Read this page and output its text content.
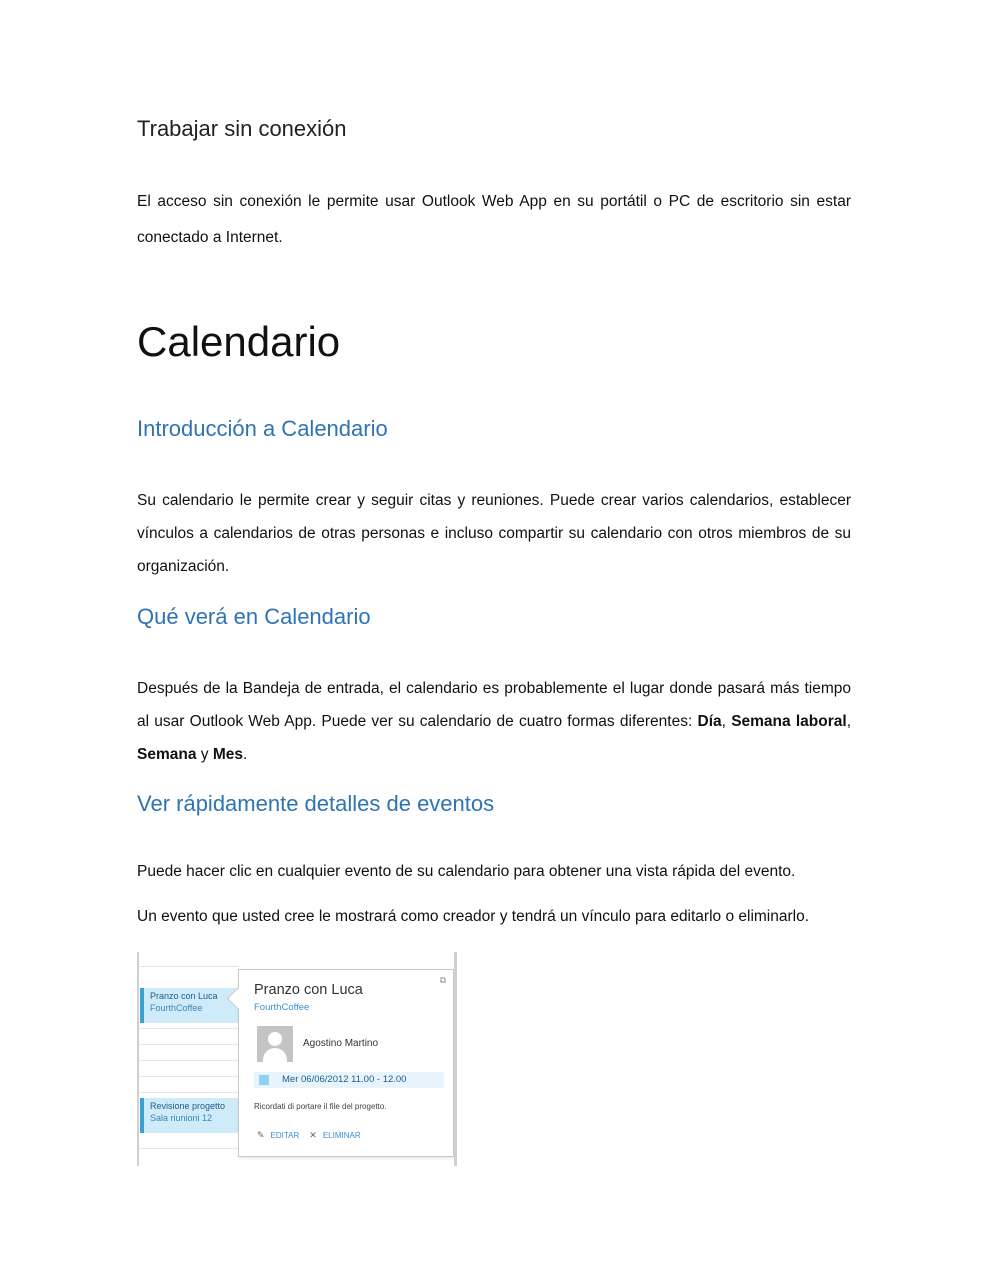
Trabajar sin conexión

El acceso sin conexión le permite usar Outlook Web App en su portátil o PC de escritorio sin estar conectado a Internet.

Calendario
Introducción a Calendario

Su calendario le permite crear y seguir citas y reuniones. Puede crear varios calendarios, establecer vínculos a calendarios de otras personas e incluso compartir su calendario con otros miembros de su organización.

Qué verá en Calendario

Después de la Bandeja de entrada, el calendario es probablemente el lugar donde pasará más tiempo al usar Outlook Web App. Puede ver su calendario de cuatro formas diferentes: Día, Semana laboral, Semana y Mes.

Ver rápidamente detalles de eventos

Puede hacer clic en cualquier evento de su calendario para obtener una vista rápida del evento.

Un evento que usted cree le mostrará como creador y tendrá un vínculo para editarlo o eliminarlo.

Pranzo con Luca
FourthCoffee
Revisione progetto
Sala riunioni 12
⧉
Pranzo con Luca
FourthCoffee
Agostino Martino
Mer 06/06/2012 11.00 - 12.00
Ricordati di portare il file del progetto.
✎ EDITAR ✕ ELIMINAR
